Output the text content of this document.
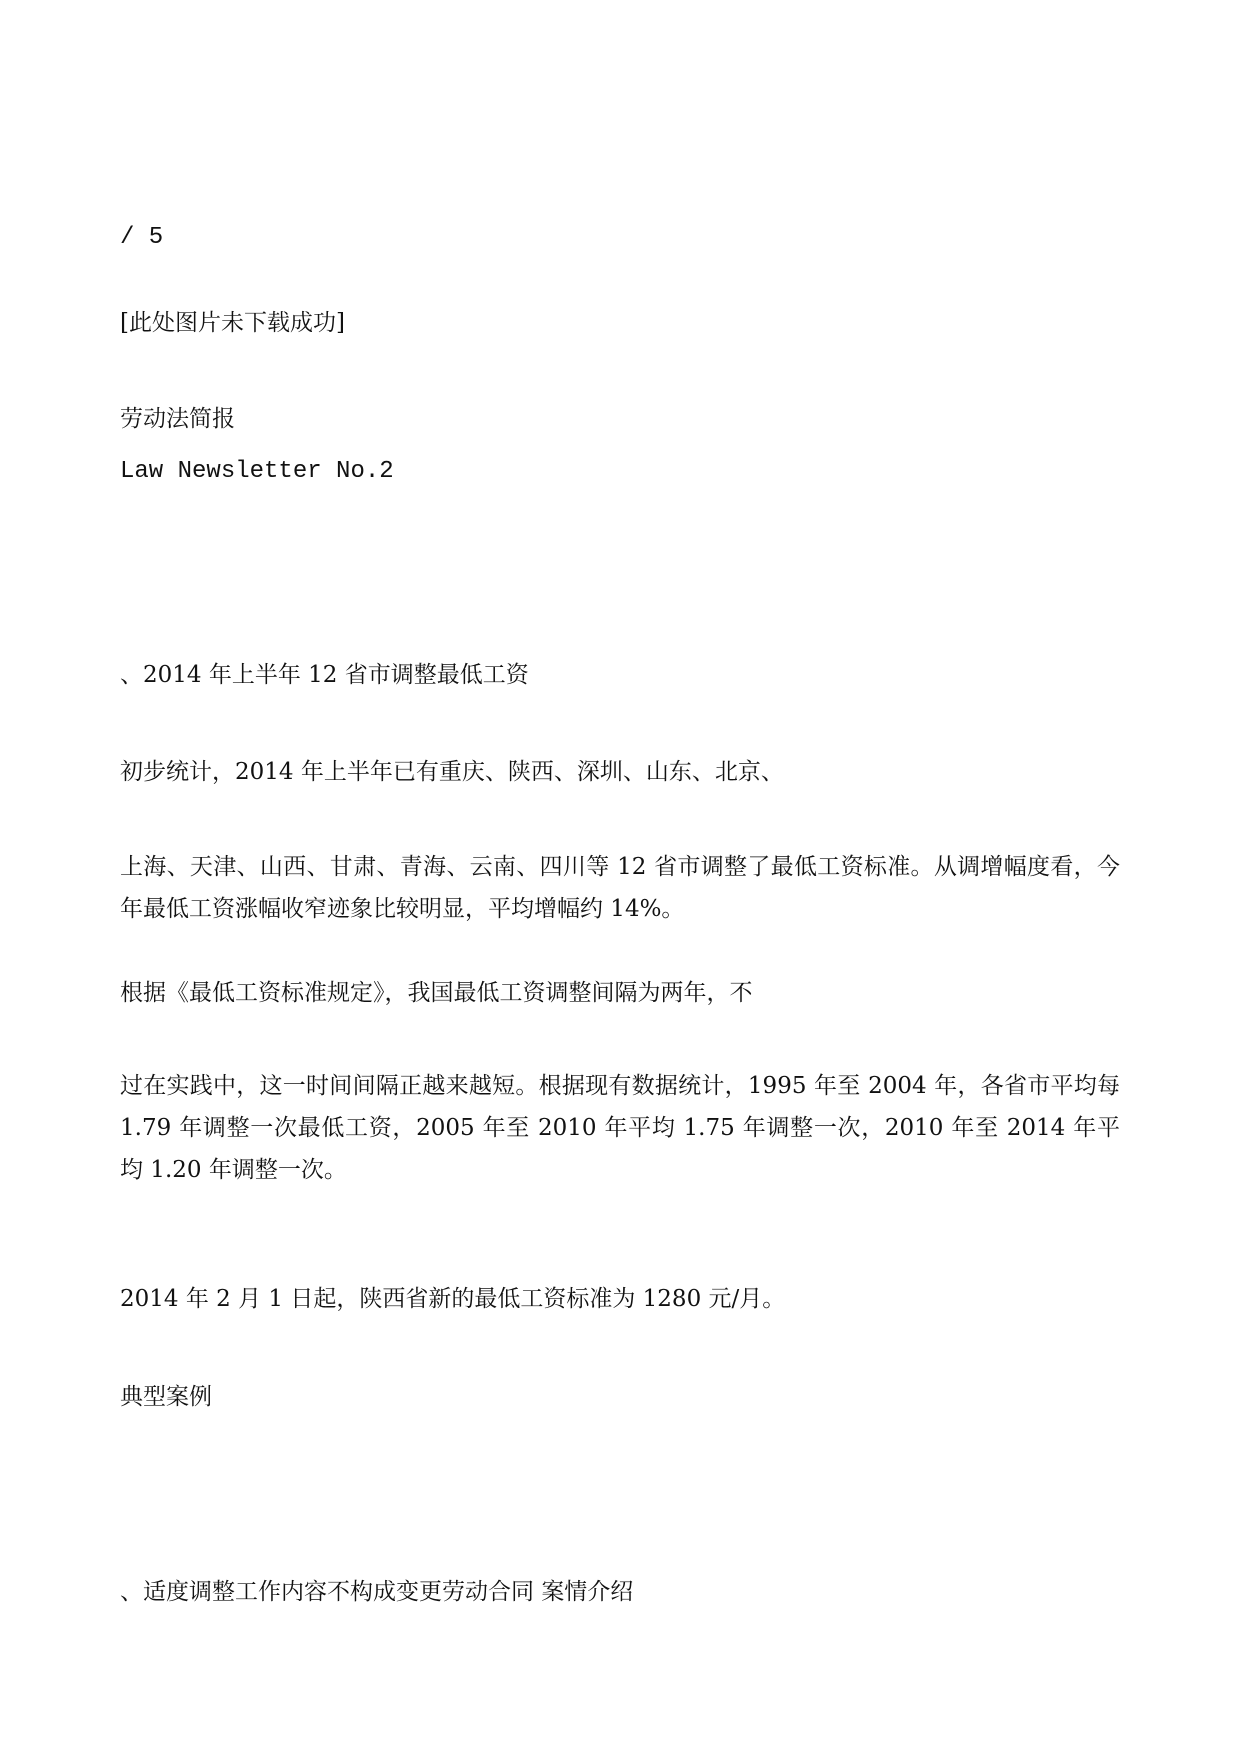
/ 5

[此处图片未下载成功]

劳动法简报

Law Newsletter No.2

、2014 年上半年 12 省市调整最低工资

初步统计，2014 年上半年已有重庆、陕西、深圳、山东、北京、

上海、天津、山西、甘肃、青海、云南、四川等 12 省市调整了最低工资标准。从调增幅度看，今年最低工资涨幅收窄迹象比较明显，平均增幅约 14%。

根据《最低工资标准规定》，我国最低工资调整间隔为两年，不

过在实践中，这一时间间隔正越来越短。根据现有数据统计，1995 年至 2004 年，各省市平均每 1.79 年调整一次最低工资，2005 年至 2010 年平均 1.75 年调整一次，2010 年至 2014 年平均 1.20 年调整一次。

2014 年 2 月 1 日起，陕西省新的最低工资标准为 1280 元/月。

典型案例

、适度调整工作内容不构成变更劳动合同 案情介绍
